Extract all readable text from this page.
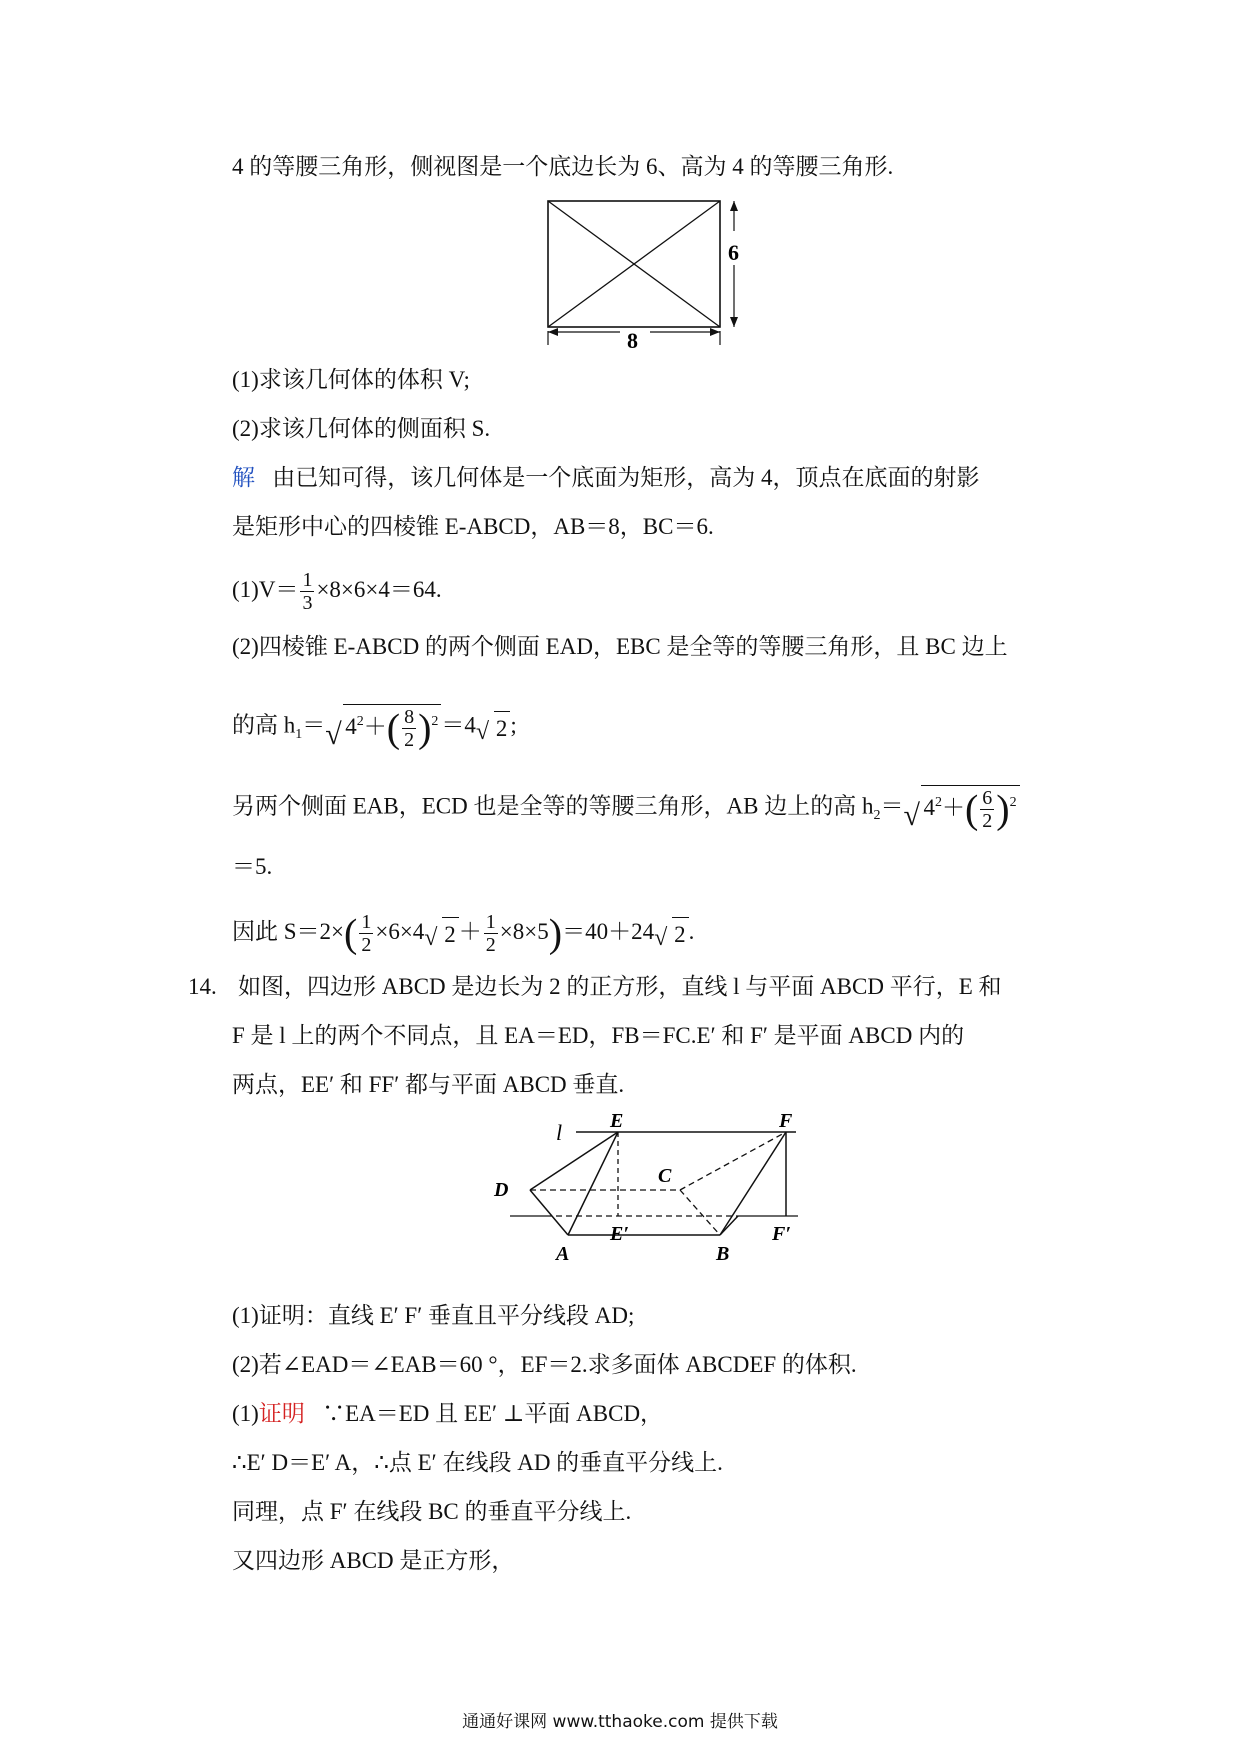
4 的等腰三角形，侧视图是一个底边长为 6、高为 4 的等腰三角形.
6
8
(1)求该几何体的体积 V;
(2)求该几何体的侧面积 S.
解 由已知可得，该几何体是一个底面为矩形，高为 4，顶点在底面的射影
是矩形中心的四棱锥 E-ABCD，AB＝8，BC＝6.
$(1)V= \frac{1}{3} \times 8\times 6\times 4=64$.
(2)四棱锥 E-ABCD 的两个侧面 EAD，EBC 是全等的等腰三角形，且 BC 边上
的高 $h_1=$ √ $4^2+( \frac{8}{2} )^2 =4$ √ 2 ;
另两个侧面 EAB，ECD 也是全等的等腰三角形，AB 边上的高 $h_2=$ √ $4^2+( \frac{6}{2} )^2$
＝5.
因此 $S=2\times( \frac{1}{2} \times 6\times 4$ √ $2 + \frac{1}{2} \times 8\times 5)=40+24$ √ 2 .
14. 如图，四边形 ABCD 是边长为 2 的正方形，直线 l 与平面 ABCD 平行，E 和
F 是 l 上的两个不同点，且 EA＝ED，FB＝FC.E′ 和 F′ 是平面 ABCD 内的
两点，EE′ 和 FF′ 都与平面 ABCD 垂直.
l E	F
D
C
E′	F′
A	B
(1)证明：直线 E′ F′ 垂直且平分线段 AD;
(2)若∠EAD＝∠EAB＝60 °，EF＝2.求多面体 ABCDEF 的体积.
(1)证明 ∵EA＝ED 且 EE′ ⊥平面 ABCD，
∴E′ D＝E′ A，∴点 E′ 在线段 AD 的垂直平分线上.
同理，点 F′ 在线段 BC 的垂直平分线上.
又四边形 ABCD 是正方形，
通通好课网 www.tthaoke.com 提供下载
